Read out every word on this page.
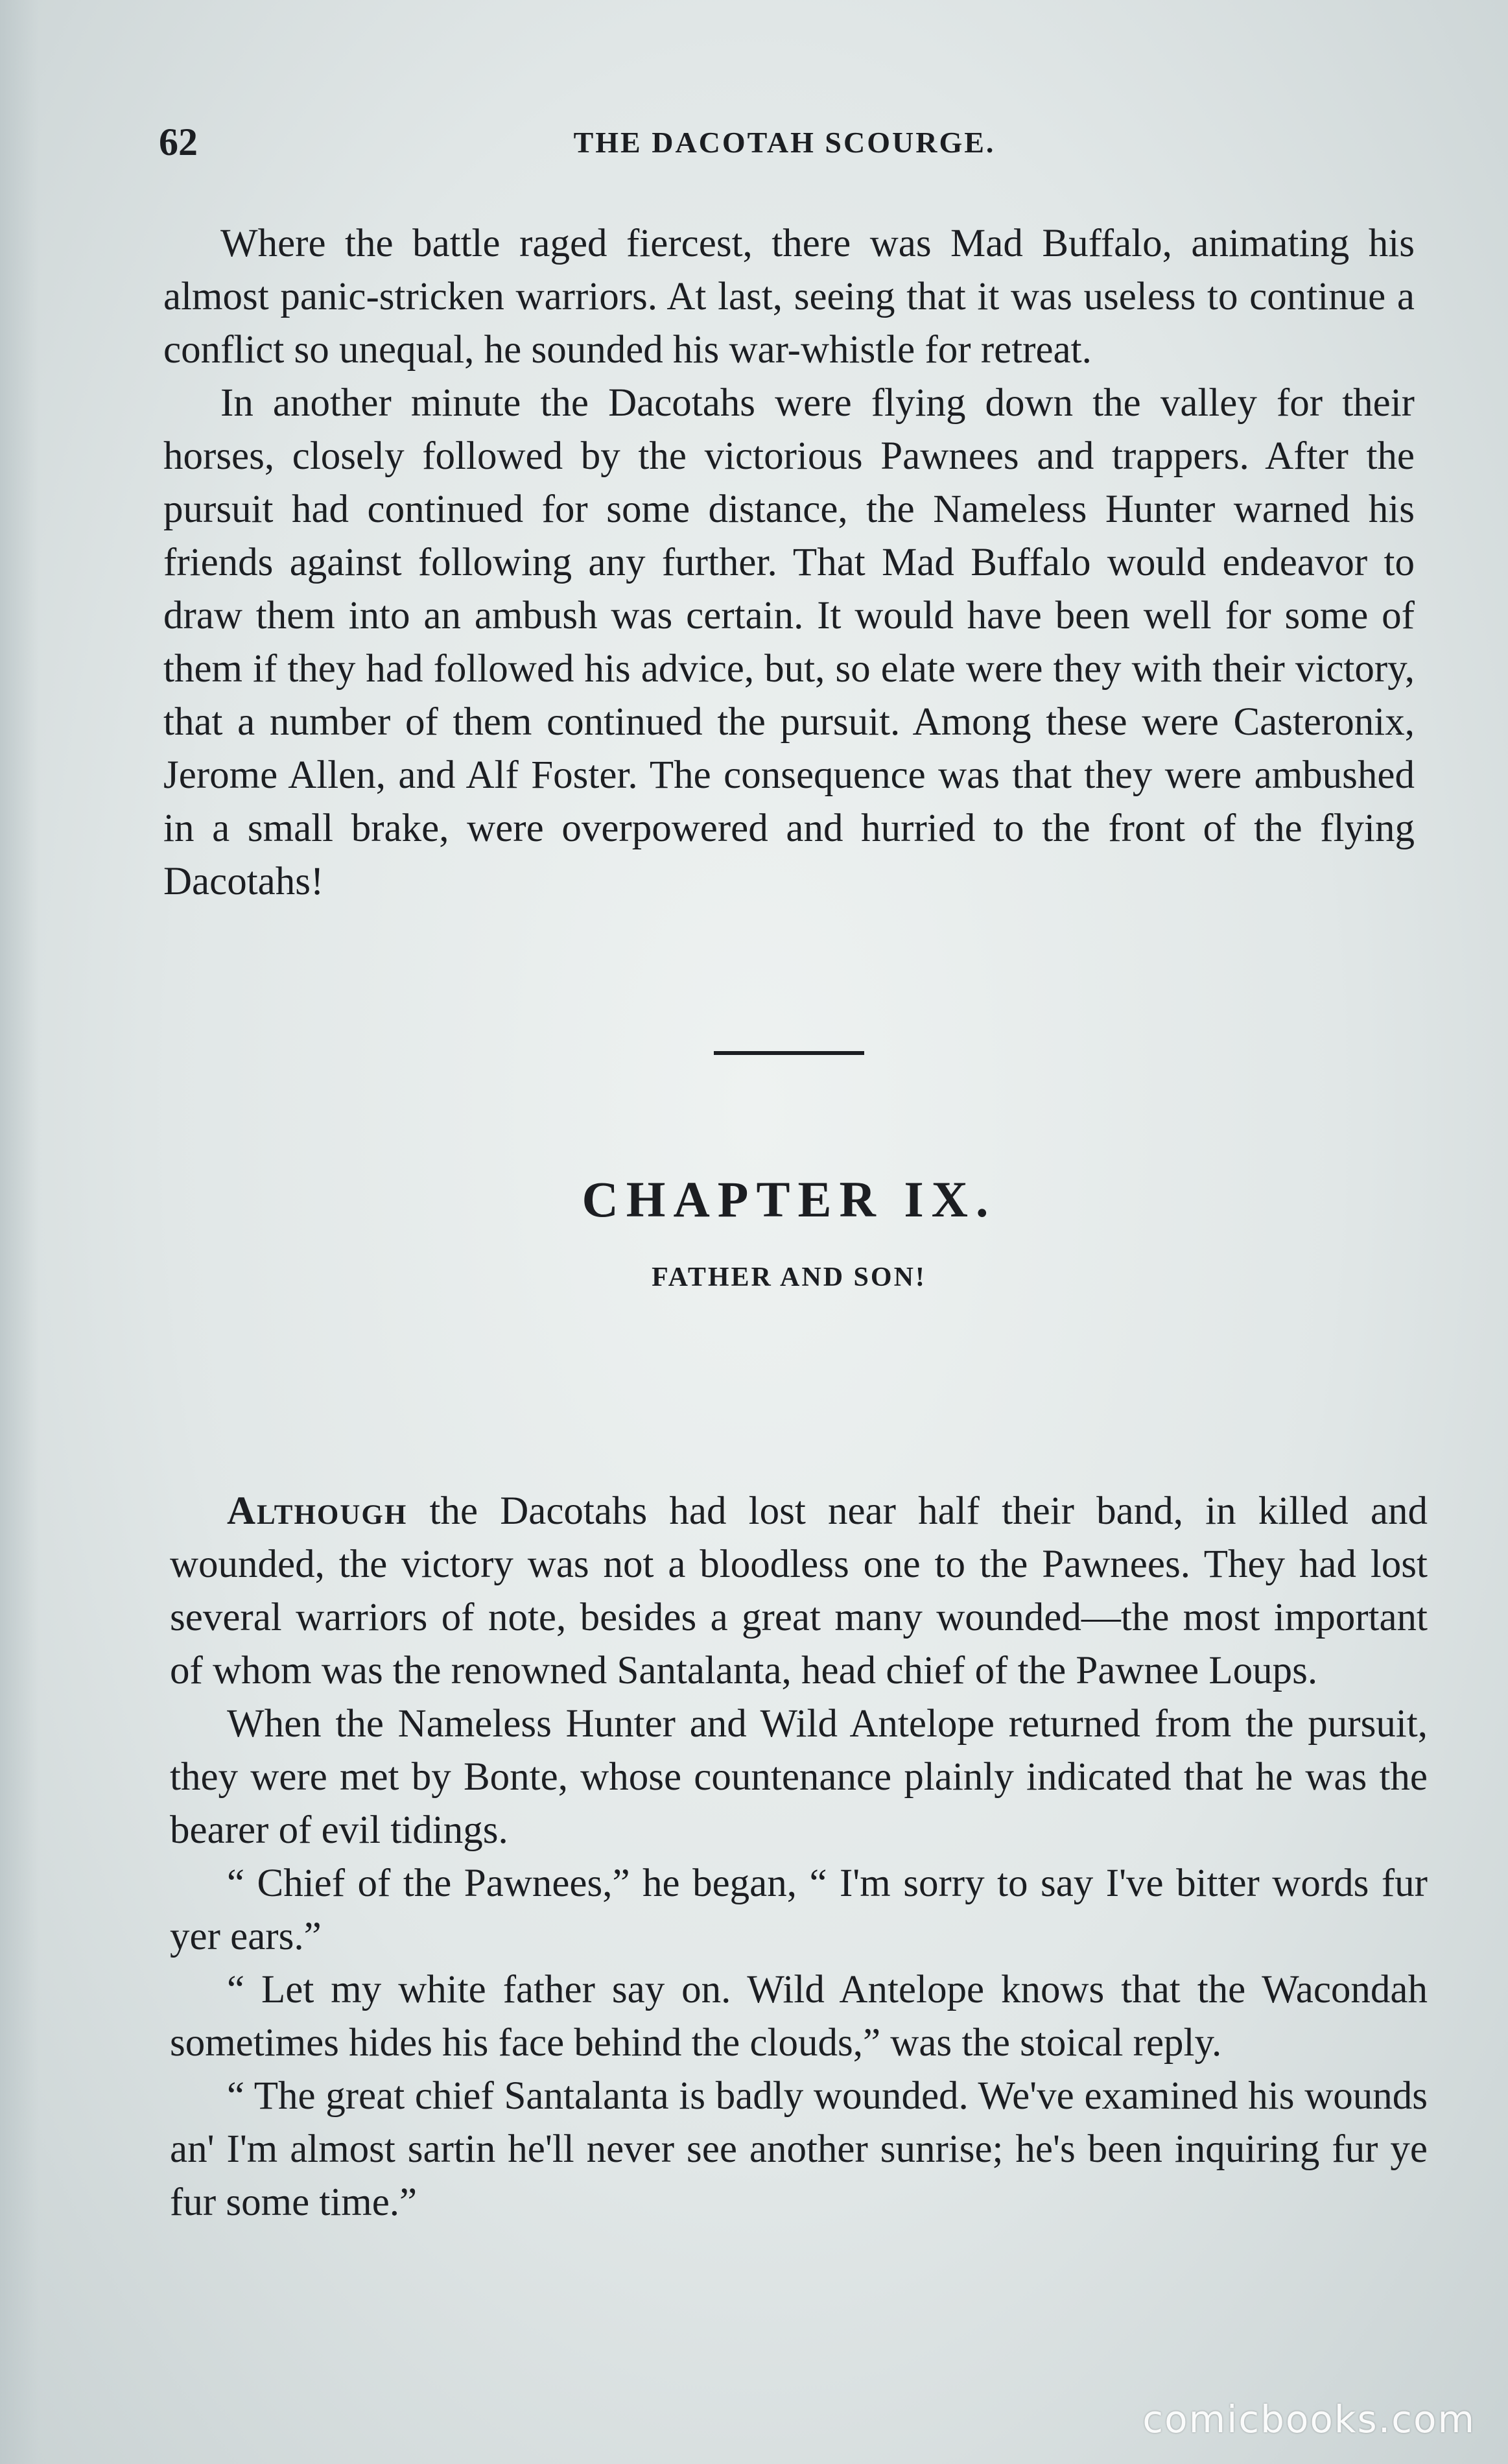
62	THE DACOTAH SCOURGE.

Where the battle raged fiercest, there was Mad Buffalo, animating his almost panic-stricken warriors. At last, seeing that it was useless to continue a conflict so unequal, he sounded his war-whistle for retreat.

In another minute the Dacotahs were flying down the valley for their horses, closely followed by the victorious Pawnees and trappers. After the pursuit had continued for some distance, the Nameless Hunter warned his friends against following any further. That Mad Buffalo would endeavor to draw them into an ambush was certain. It would have been well for some of them if they had followed his advice, but, so elate were they with their victory, that a number of them continued the pursuit. Among these were Casteronix, Jerome Allen, and Alf Foster. The consequence was that they were ambushed in a small brake, were overpowered and hurried to the front of the flying Dacotahs!

CHAPTER IX.
FATHER AND SON!

Although the Dacotahs had lost near half their band, in killed and wounded, the victory was not a bloodless one to the Pawnees. They had lost several warriors of note, besides a great many wounded—the most important of whom was the renowned Santalanta, head chief of the Pawnee Loups.

When the Nameless Hunter and Wild Antelope returned from the pursuit, they were met by Bonte, whose countenance plainly indicated that he was the bearer of evil tidings.

“ Chief of the Pawnees,” he began, “ I'm sorry to say I've bitter words fur yer ears.”

“ Let my white father say on. Wild Antelope knows that the Wacondah sometimes hides his face behind the clouds,” was the stoical reply.

“ The great chief Santalanta is badly wounded. We've examined his wounds an' I'm almost sartin he'll never see another sunrise; he's been inquiring fur ye fur some time.”

comicbooks.com
